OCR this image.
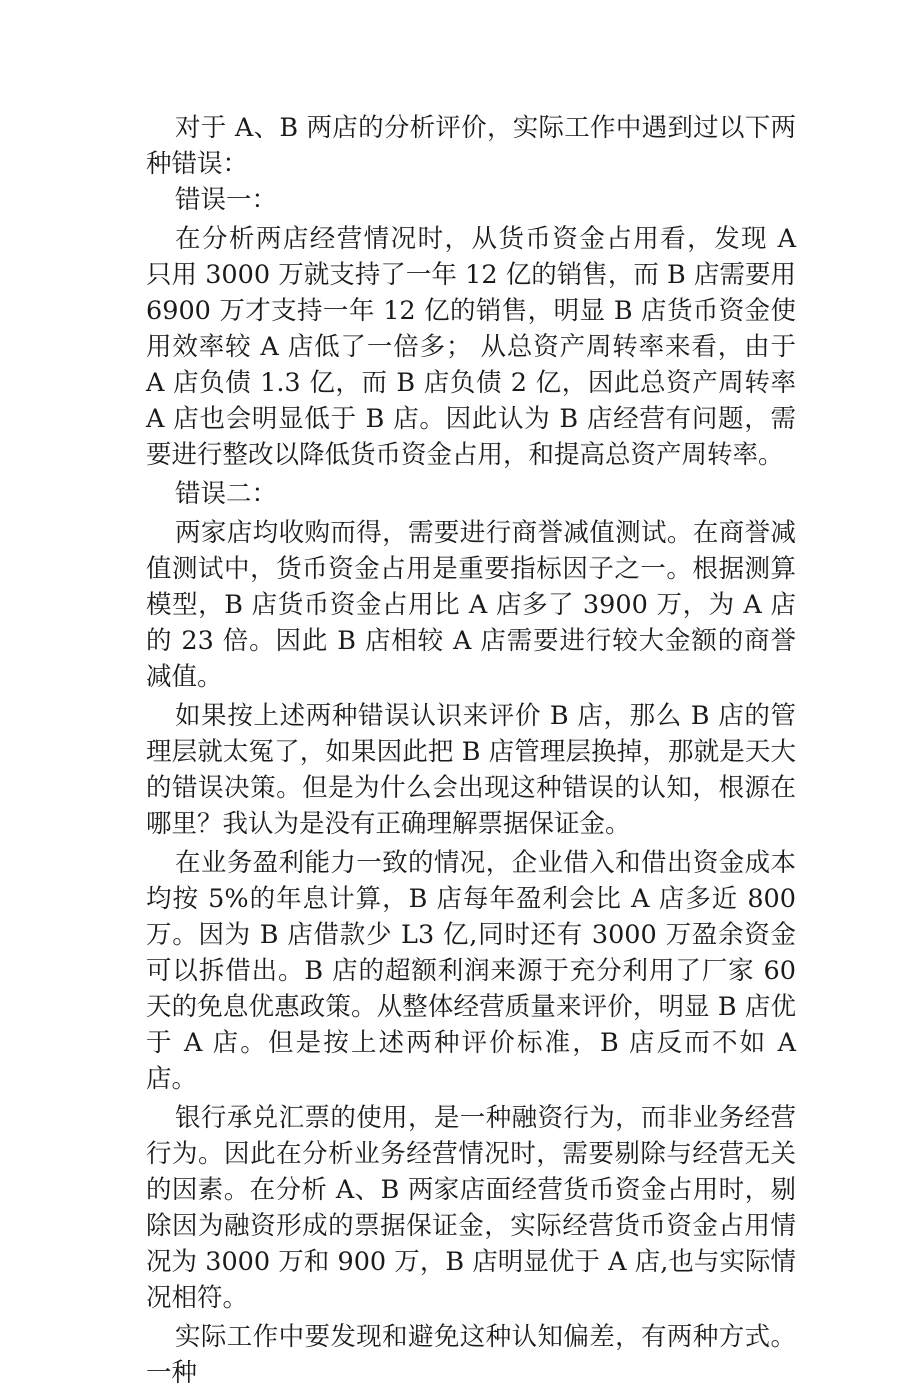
对于 A、B 两店的分析评价，实际工作中遇到过以下两种错误：

错误一：

在分析两店经营情况时，从货币资金占用看，发现 A 只用 3000 万就支持了一年 12 亿的销售，而 B 店需要用 6900 万才支持一年 12 亿的销售，明显 B 店货币资金使用效率较 A 店低了一倍多； 从总资产周转率来看，由于 A 店负债 1.3 亿，而 B 店负债 2 亿，因此总资产周转率 A 店也会明显低于 B 店。因此认为 B 店经营有问题，需要进行整改以降低货币资金占用，和提高总资产周转率。

错误二：

两家店均收购而得，需要进行商誉减值测试。在商誉减值测试中，货币资金占用是重要指标因子之一。根据测算模型，B 店货币资金占用比 A 店多了 3900 万，为 A 店的 23 倍。因此 B 店相较 A 店需要进行较大金额的商誉减值。

如果按上述两种错误认识来评价 B 店，那么 B 店的管理层就太冤了，如果因此把 B 店管理层换掉，那就是天大的错误决策。但是为什么会出现这种错误的认知，根源在哪里？我认为是没有正确理解票据保证金。

在业务盈利能力一致的情况，企业借入和借出资金成本均按 5%的年息计算，B 店每年盈利会比 A 店多近 800 万。因为 B 店借款少 L3 亿,同时还有 3000 万盈余资金可以拆借出。B 店的超额利润来源于充分利用了厂家 60 天的免息优惠政策。从整体经营质量来评价，明显 B 店优于 A 店。但是按上述两种评价标准，B 店反而不如 A 店。

银行承兑汇票的使用，是一种融资行为，而非业务经营行为。因此在分析业务经营情况时，需要剔除与经营无关的因素。在分析 A、B 两家店面经营货币资金占用时，剔除因为融资形成的票据保证金，实际经营货币资金占用情况为 3000 万和 900 万，B 店明显优于 A 店,也与实际情况相符。

实际工作中要发现和避免这种认知偏差，有两种方式。一种
